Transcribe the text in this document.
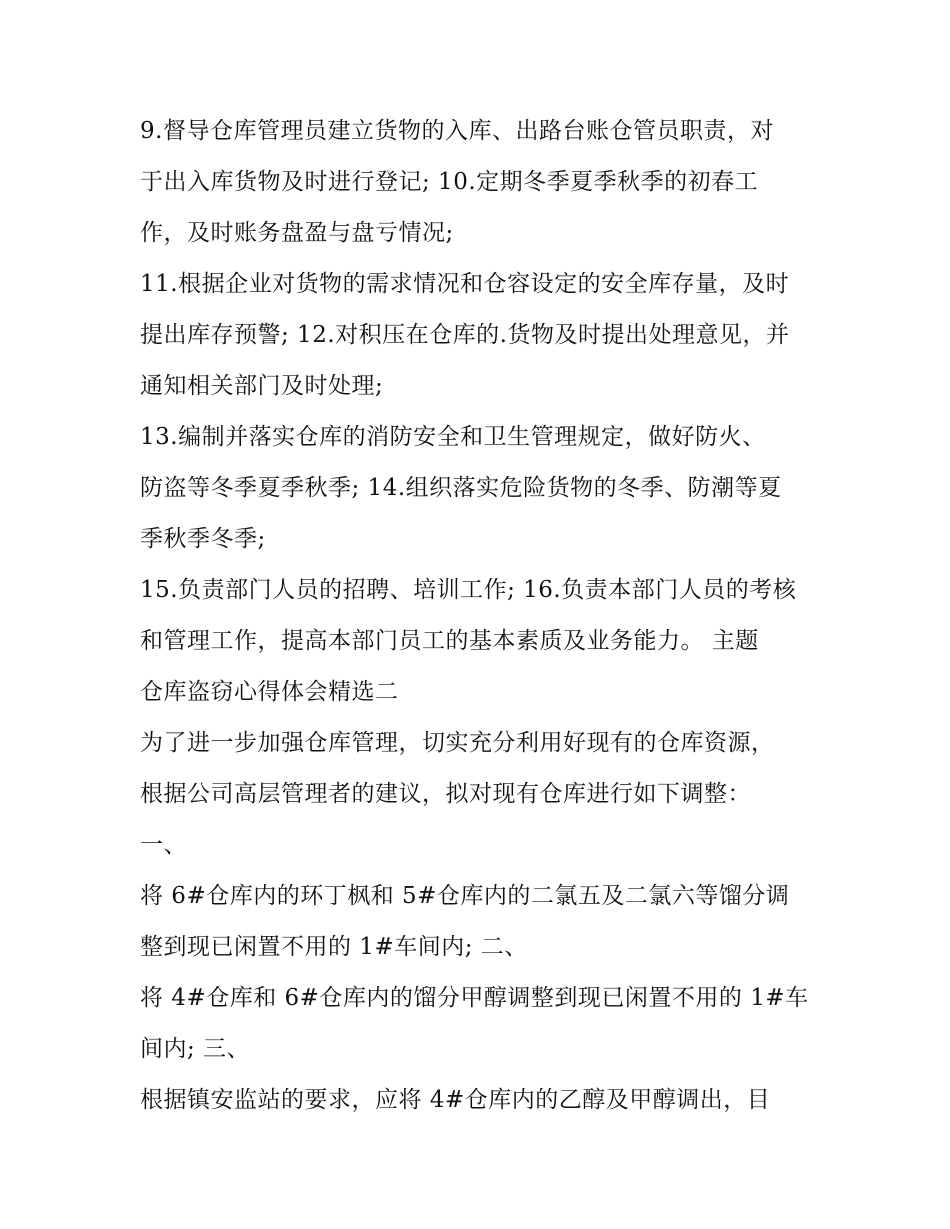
9.督导仓库管理员建立货物的入库、出路台账仓管员职责，对
于出入库货物及时进行登记; 10.定期冬季夏季秋季的初春工
作，及时账务盘盈与盘亏情况;
11.根据企业对货物的需求情况和仓容设定的安全库存量，及时
提出库存预警; 12.对积压在仓库的.货物及时提出处理意见，并
通知相关部门及时处理;
13.编制并落实仓库的消防安全和卫生管理规定，做好防火、
防盗等冬季夏季秋季; 14.组织落实危险货物的冬季、防潮等夏
季秋季冬季;
15.负责部门人员的招聘、培训工作; 16.负责本部门人员的考核
和管理工作，提高本部门员工的基本素质及业务能力。 主题
仓库盗窃心得体会精选二
为了进一步加强仓库管理，切实充分利用好现有的仓库资源，
根据公司高层管理者的建议，拟对现有仓库进行如下调整：
一、
将 6#仓库内的环丁枫和 5#仓库内的二氯五及二氯六等馏分调
整到现已闲置不用的 1#车间内; 二、
将 4#仓库和 6#仓库内的馏分甲醇调整到现已闲置不用的 1#车
间内; 三、
根据镇安监站的要求，应将 4#仓库内的乙醇及甲醇调出，目
